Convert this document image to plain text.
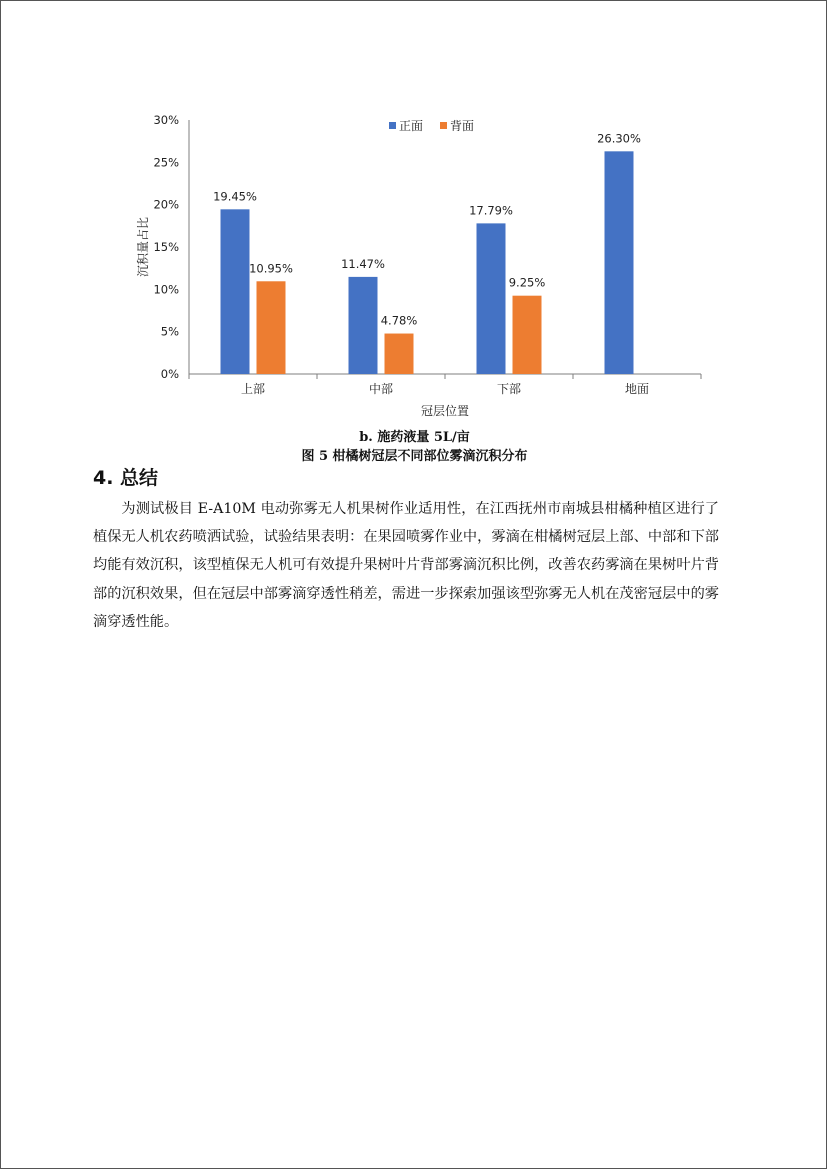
0%
5%
10%
15%
20%
25%
30%
沉积量占比
上部	中部	下部	地面
冠层位置
19.45%
10.95%	11.47%
4.78%
17.79%
9.25%
26.30%
正面 背面
b. 施药液量 5L/亩
图 5 柑橘树冠层不同部位雾滴沉积分布
4. 总结

为测试极目 E-A10M 电动弥雾无人机果树作业适用性，在江西抚州市南城县柑橘种植区进行了植保无人机农药喷洒试验，试验结果表明：在果园喷雾作业中，雾滴在柑橘树冠层上部、中部和下部均能有效沉积，该型植保无人机可有效提升果树叶片背部雾滴沉积比例，改善农药雾滴在果树叶片背部的沉积效果，但在冠层中部雾滴穿透性稍差，需进一步探索加强该型弥雾无人机在茂密冠层中的雾滴穿透性能。
